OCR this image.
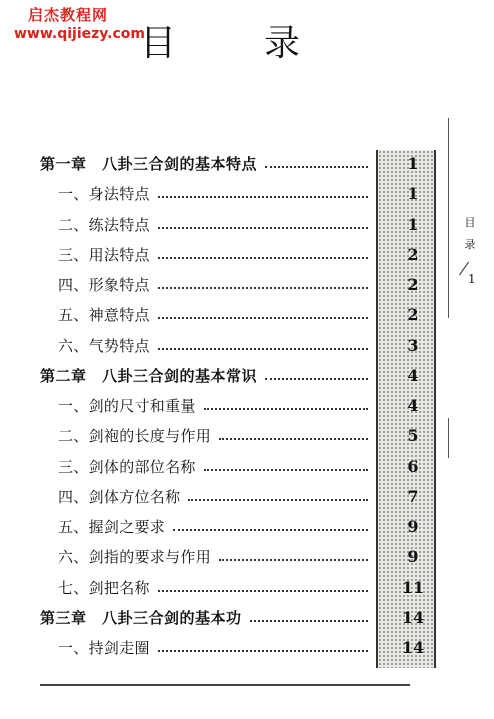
启杰教程网
www.qijiezy.com
目 录
第一章　八卦三合剑的基本特点	1
一、身法特点	1
二、练法特点	1
三、用法特点	2
四、形象特点	2
五、神意特点	2
六、气势特点	3
第二章　八卦三合剑的基本常识	4
一、剑的尺寸和重量	4
二、剑袍的长度与作用	5
三、剑体的部位名称	6
四、剑体方位名称	7
五、握剑之要求	9
六、剑指的要求与作用	9
七、剑把名称	11
第三章　八卦三合剑的基本功	14
一、持剑走圈	14
目
录
1
